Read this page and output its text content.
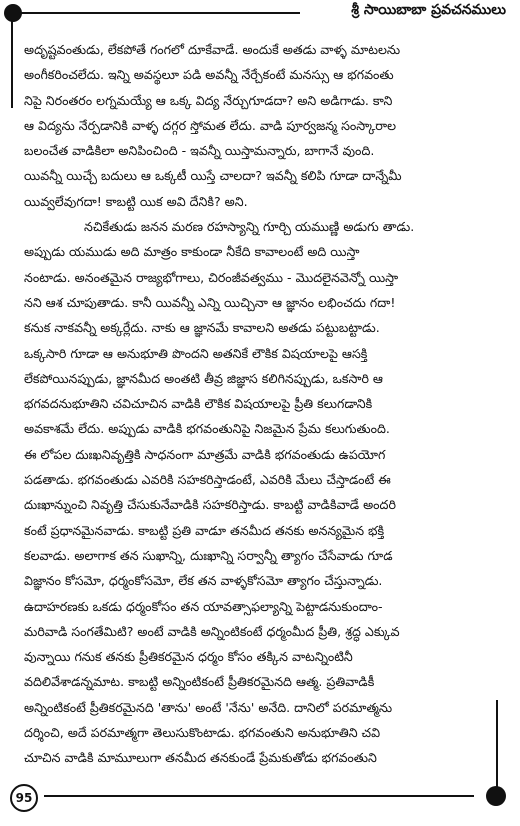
శ్రీ సాయిబాబా ప్రవచనములు
అదృష్టవంతుడు, లేకపోతే గంగలో దూకేవాడే. అందుకే అతడు వాళ్ళ మాటలను
అంగీకరించలేదు. ఇన్ని అవస్థలూ పడి అవన్నీ నేర్చేకంటే మనస్సు ఆ భగవంతు
నిపై నిరంతరం లగ్నమయ్యే ఆ ఒక్క విద్య నేర్చుగూడదా? అని అడిగాడు. కాని
ఆ విద్యను నేర్పడానికి వాళ్ళ దగ్గర స్తోమత లేదు. వాడి పూర్వజన్మ సంస్కారాల
బలంచేత వాడికిలా అనిపించింది - ఇవన్నీ యిస్తామన్నారు, బాగానే వుంది.
యివన్నీ యిచ్చే బదులు ఆ ఒక్కటీ యిస్తే చాలదా? ఇవన్నీ కలిపి గూడా దాన్నేమీ
యివ్వలేవుగదా! కాబట్టి యిక అవి దేనికి? అని.
నచికేతుడు జనన మరణ రహస్యాన్ని గూర్చి యముణ్ణి అడుగు తాడు.
అప్పుడు యముడు అది మాత్రం కాకుండా నీకేది కావాలంటే అది యిస్తా
నంటాడు. అనంతమైన రాజ్యభోగాలు, చిరంజీవత్వము - మొదలైనవెన్నో యిస్తా
నని ఆశ చూపుతాడు. కానీ యివన్నీ ఎన్ని యిచ్చినా ఆ జ్ఞానం లభించదు గదా!
కనుక నాకవన్నీ అక్కర్లేదు. నాకు ఆ జ్ఞానమే కావాలని అతడు పట్టుబట్టాడు.
ఒక్కసారి గూడా ఆ అనుభూతి పొందని అతనికే లౌకిక విషయాలపై ఆసక్తి
లేకపోయినప్పుడు, జ్ఞానమీద అంతటి తీవ్ర జిజ్ఞాస కలిగినప్పుడు, ఒకసారి ఆ
భగవదనుభూతిని చవిచూచిన వాడికి లౌకిక విషయాలపై ప్రీతి కలుగడానికి
అవకాశమే లేదు. అప్పుడు వాడికి భగవంతునిపై నిజమైన ప్రేమ కలుగుతుంది.
ఈ లోపల దుఃఖనివృత్తికి సాధనంగా మాత్రమే వాడికి భగవంతుడు ఉపయోగ
పడతాడు. భగవంతుడు ఎవరికి సహకరిస్తాడంటే, ఎవరికి మేలు చేస్తాడంటే ఈ
దుఃఖాన్నుంచి నివృత్తి చేసుకునేవాడికి సహకరిస్తాడు. కాబట్టి వాడికివాడే అందరి
కంటే ప్రధానమైనవాడు. కాబట్టి ప్రతి వాడూ తనమీద తనకు అనన్యమైన భక్తి
కలవాడు. అలాగాక తన సుఖాన్ని, దుఃఖాన్ని సర్వాన్నీ త్యాగం చేసేవాడు గూడ
విజ్ఞానం కోసమో, ధర్మంకోసమో, లేక తన వాళ్ళకోసమో త్యాగం చేస్తున్నాడు.
ఉదాహరణకు ఒకడు ధర్మంకోసం తన యావత్సాఫల్యాన్ని పెట్టాడనుకుందాం-
మరివాడి సంగతేమిటి? అంటే వాడికి అన్నింటికంటే ధర్మంమీద ప్రీతి, శ్రద్ధ ఎక్కువ
వున్నాయి గనుక తనకు ప్రీతికరమైన ధర్మం కోసం తక్కిన వాటన్నింటినీ
వదిలివేశాడన్నమాట. కాబట్టి అన్నింటికంటే ప్రీతికరమైనది ఆత్మ. ప్రతివాడికీ
అన్నింటికంటే ప్రీతికరమైనది 'తాను' అంటే 'నేను' అనేది. దానిలో పరమాత్మను
దర్శించి, అదే పరమాత్మగా తెలుసుకొంటాడు. భగవంతుని అనుభూతిని చవి
చూచిన వాడికి మామూలుగా తనమీద తనకుండే ప్రేమకుతోడు భగవంతుని
95
